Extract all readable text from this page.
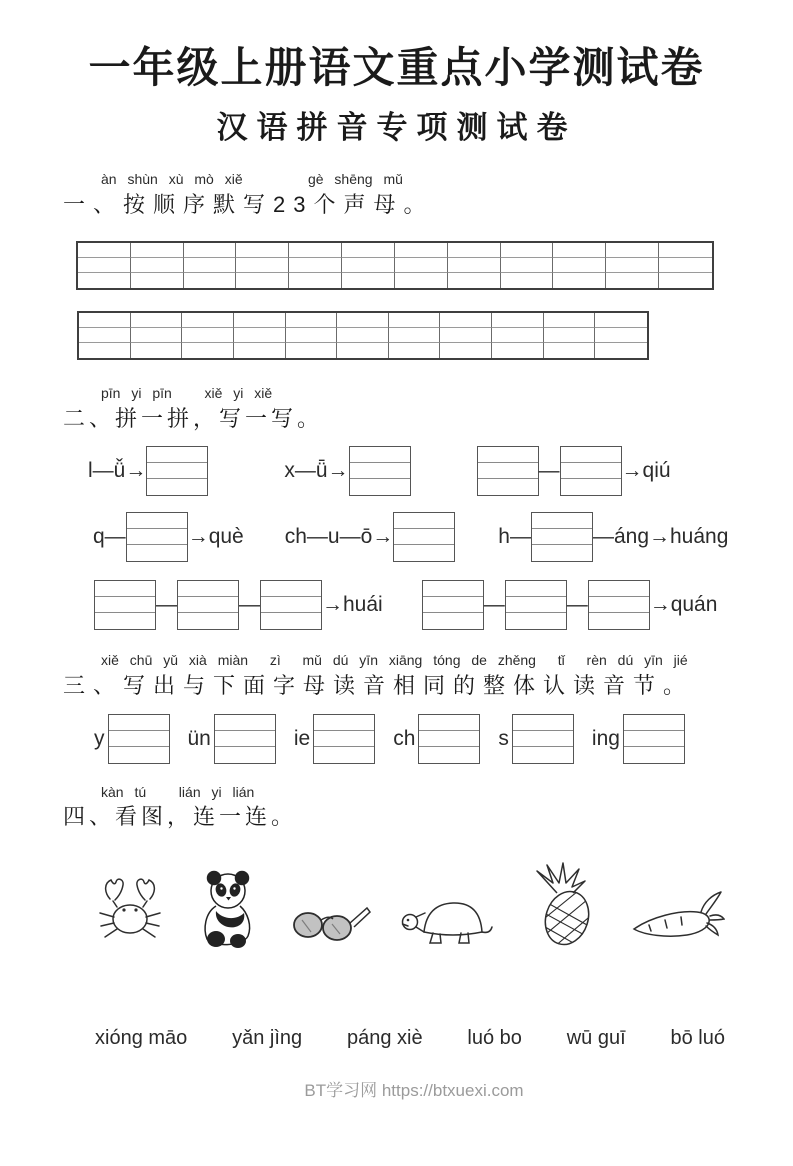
一年级上册语文重点小学测试卷
汉语拼音专项测试卷
àn shùn xù mò xiě      gè shēng mǔ
一、按顺序默写23个声母。
pīn yi pīn   xiě yi xiě
二、拼一拼，写一写。
l—ǚ→	x—ǖ→	—	→qiú
q—	→què ch—u—ō→	h—	—áng→huáng
—	—	→huái	—	—	→quán
xiě chū yǔ xià miàn  zì  mǔ dú yīn xiāng tóng de zhěng  tǐ  rèn dú yīn jié
三、写出与下面字母读音相同的整体认读音节。
y	ün	ie	ch	s	ing
kàn tú   lián yi lián
四、看图，连一连。
xióng māo yǎn jìng páng xiè luó bo wū guī bō luó
BT学习网 https://btxuexi.com
